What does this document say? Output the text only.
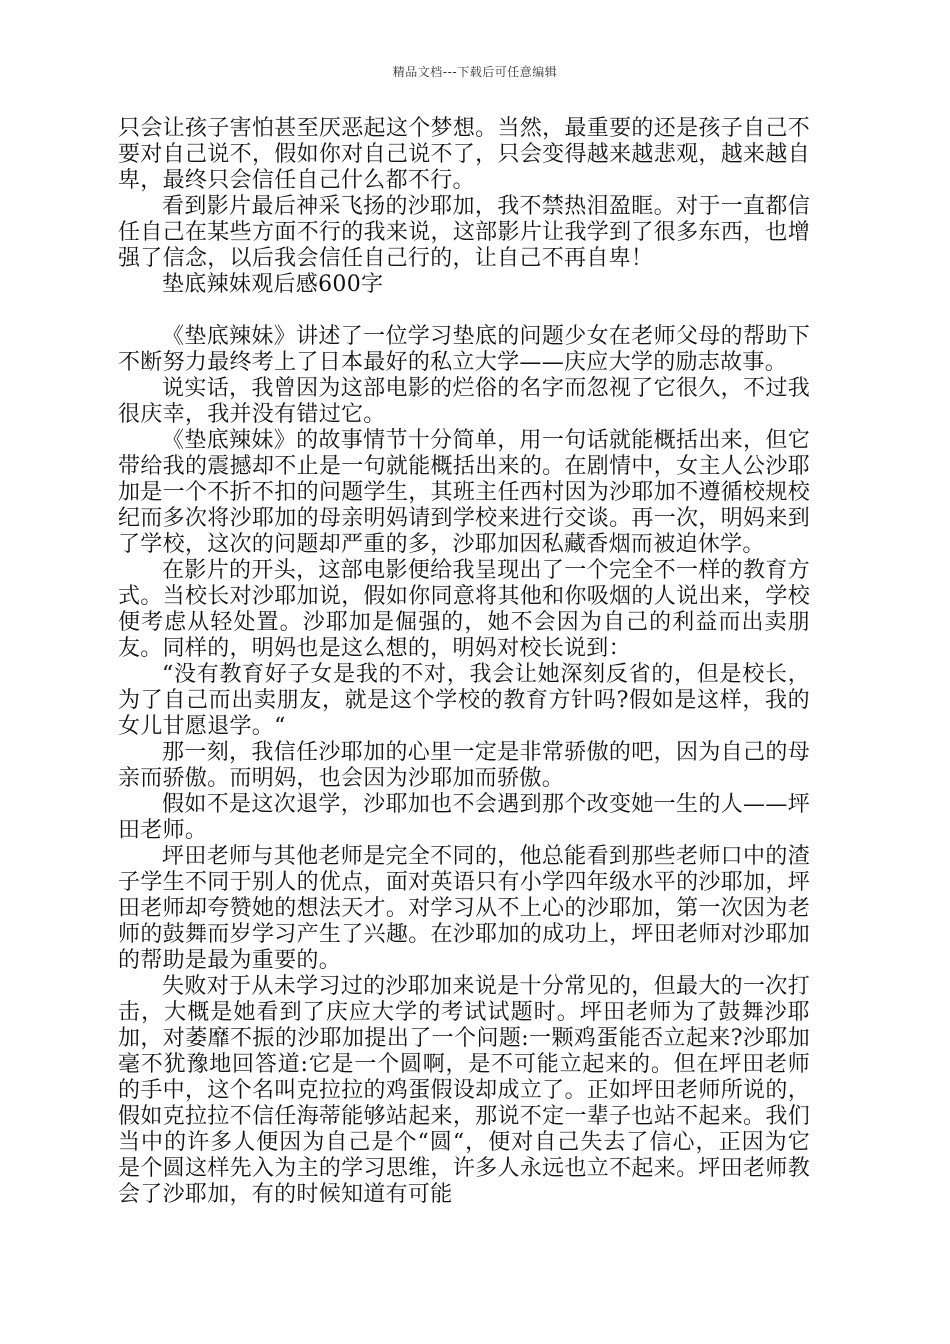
精品文档---下载后可任意编辑

只会让孩子害怕甚至厌恶起这个梦想。当然，最重要的还是孩子自己不要对自己说不，假如你对自己说不了，只会变得越来越悲观，越来越自卑，最终只会信任自己什么都不行。

看到影片最后神采飞扬的沙耶加，我不禁热泪盈眶。对于一直都信任自己在某些方面不行的我来说，这部影片让我学到了很多东西，也增强了信念，以后我会信任自己行的，让自己不再自卑！

垫底辣妹观后感600字

《垫底辣妹》讲述了一位学习垫底的问题少女在老师父母的帮助下不断努力最终考上了日本最好的私立大学——庆应大学的励志故事。

说实话，我曾因为这部电影的烂俗的名字而忽视了它很久，不过我很庆幸，我并没有错过它。

《垫底辣妹》的故事情节十分简单，用一句话就能概括出来，但它带给我的震撼却不止是一句就能概括出来的。在剧情中，女主人公沙耶加是一个不折不扣的问题学生，其班主任西村因为沙耶加不遵循校规校纪而多次将沙耶加的母亲明妈请到学校来进行交谈。再一次，明妈来到了学校，这次的问题却严重的多，沙耶加因私藏香烟而被迫休学。

在影片的开头，这部电影便给我呈现出了一个完全不一样的教育方式。当校长对沙耶加说，假如你同意将其他和你吸烟的人说出来，学校便考虑从轻处置。沙耶加是倔强的，她不会因为自己的利益而出卖朋友。同样的，明妈也是这么想的，明妈对校长说到：

“没有教育好子女是我的不对，我会让她深刻反省的，但是校长，为了自己而出卖朋友，就是这个学校的教育方针吗?假如是这样，我的女儿甘愿退学。“

那一刻，我信任沙耶加的心里一定是非常骄傲的吧，因为自己的母亲而骄傲。而明妈，也会因为沙耶加而骄傲。

假如不是这次退学，沙耶加也不会遇到那个改变她一生的人——坪田老师。

坪田老师与其他老师是完全不同的，他总能看到那些老师口中的渣子学生不同于别人的优点，面对英语只有小学四年级水平的沙耶加，坪田老师却夸赞她的想法天才。对学习从不上心的沙耶加，第一次因为老师的鼓舞而岁学习产生了兴趣。在沙耶加的成功上，坪田老师对沙耶加的帮助是最为重要的。

失败对于从未学习过的沙耶加来说是十分常见的，但最大的一次打击，大概是她看到了庆应大学的考试试题时。坪田老师为了鼓舞沙耶加，对萎靡不振的沙耶加提出了一个问题:一颗鸡蛋能否立起来?沙耶加毫不犹豫地回答道:它是一个圆啊，是不可能立起来的。但在坪田老师的手中，这个名叫克拉拉的鸡蛋假设却成立了。正如坪田老师所说的，假如克拉拉不信任海蒂能够站起来，那说不定一辈子也站不起来。我们当中的许多人便因为自己是个“圆“，便对自己失去了信心，正因为它是个圆这样先入为主的学习思维，许多人永远也立不起来。坪田老师教会了沙耶加，有的时候知道有可能
